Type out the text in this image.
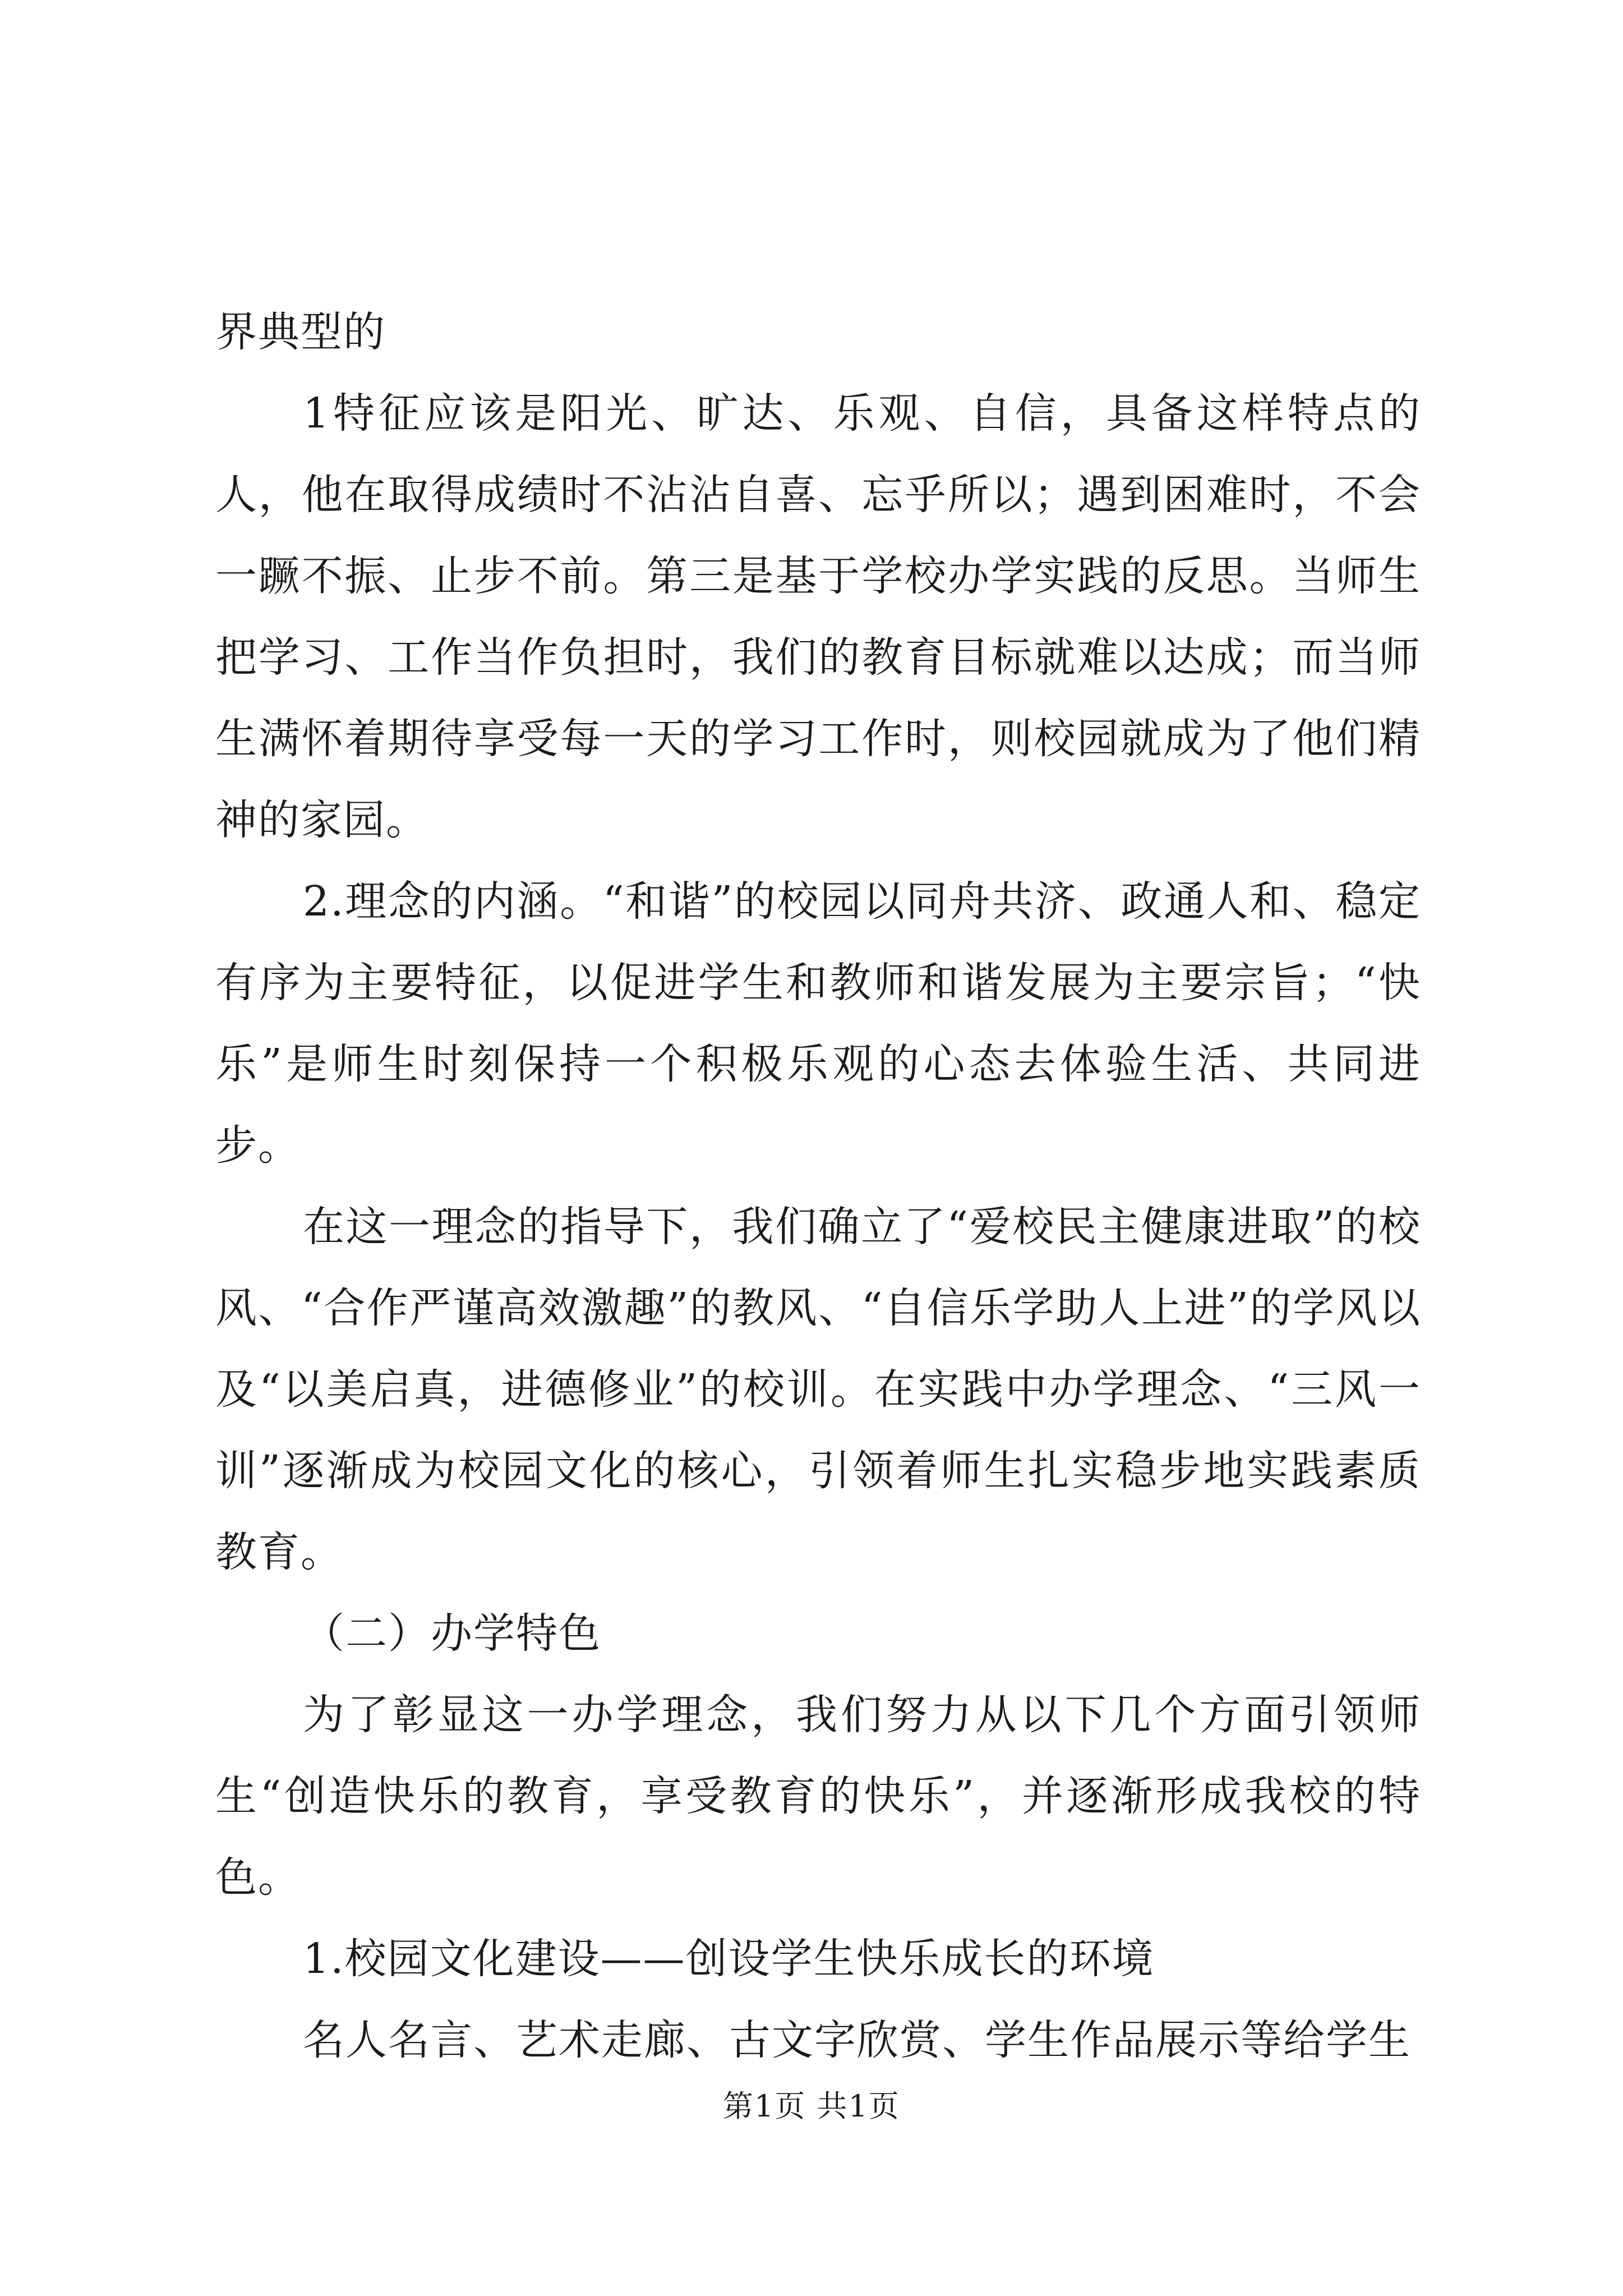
界典型的

1特征应该是阳光、旷达、乐观、自信，具备这样特点的人，他在取得成绩时不沾沾自喜、忘乎所以；遇到困难时，不会一蹶不振、止步不前。第三是基于学校办学实践的反思。当师生把学习、工作当作负担时，我们的教育目标就难以达成；而当师生满怀着期待享受每一天的学习工作时，则校园就成为了他们精神的家园。

2.理念的内涵。“和谐”的校园以同舟共济、政通人和、稳定有序为主要特征，以促进学生和教师和谐发展为主要宗旨；“快乐”是师生时刻保持一个积极乐观的心态去体验生活、共同进步。

在这一理念的指导下，我们确立了“爱校民主健康进取”的校风、“合作严谨高效激趣”的教风、“自信乐学助人上进”的学风以及“以美启真，进德修业”的校训。在实践中办学理念、“三风一训”逐渐成为校园文化的核心，引领着师生扎实稳步地实践素质教育。

（二）办学特色

为了彰显这一办学理念，我们努力从以下几个方面引领师生“创造快乐的教育，享受教育的快乐”，并逐渐形成我校的特色。

1.校园文化建设——创设学生快乐成长的环境

名人名言、艺术走廊、古文字欣赏、学生作品展示等给学生

第1页 共1页
